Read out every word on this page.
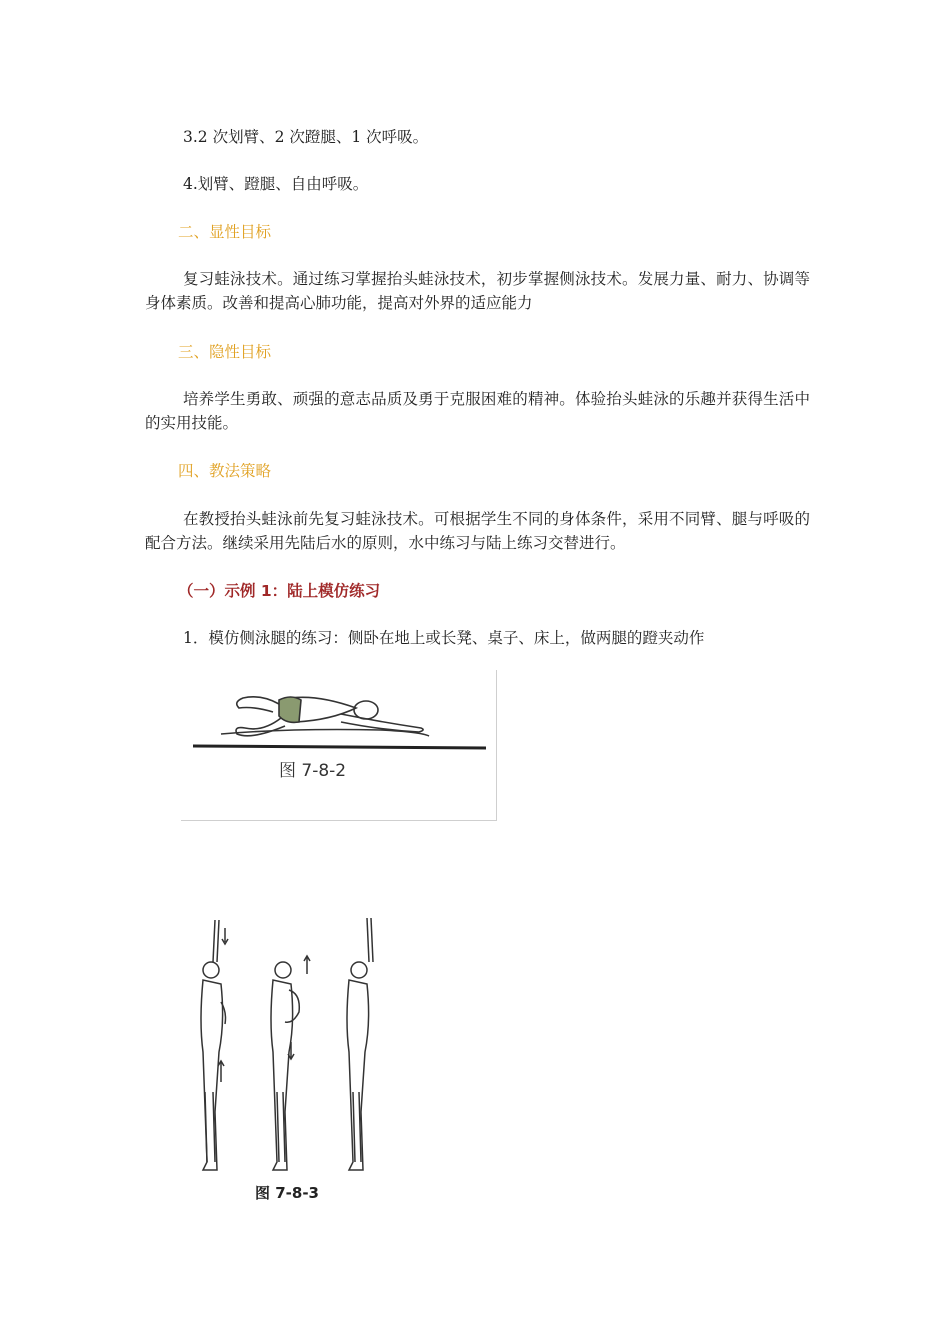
3.2 次划臂、2 次蹬腿、1 次呼吸。

4.划臂、蹬腿、自由呼吸。

二、显性目标

复习蛙泳技术。通过练习掌握抬头蛙泳技术，初步掌握侧泳技术。发展力量、耐力、协调等身体素质。改善和提高心肺功能，提高对外界的适应能力

三、隐性目标

培养学生勇敢、顽强的意志品质及勇于克服困难的精神。体验抬头蛙泳的乐趣并获得生活中的实用技能。

四、教法策略

在教授抬头蛙泳前先复习蛙泳技术。可根据学生不同的身体条件，采用不同臂、腿与呼吸的配合方法。继续采用先陆后水的原则，水中练习与陆上练习交替进行。

（一）示例 1：陆上模仿练习

1．模仿侧泳腿的练习：侧卧在地上或长凳、桌子、床上，做两腿的蹬夹动作

图 7-8-2
图 7-8-3
